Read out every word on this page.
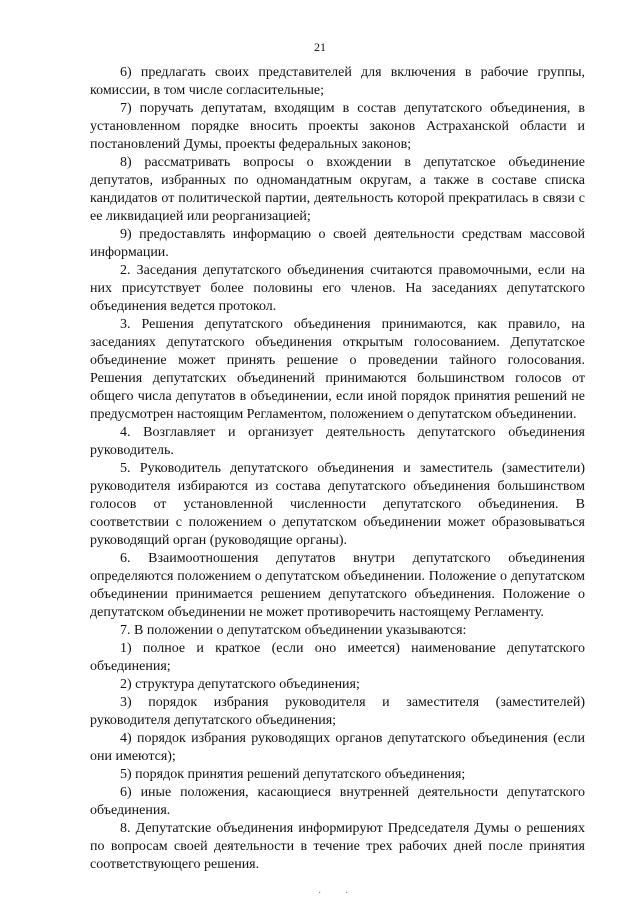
21

6) предлагать своих представителей для включения в рабочие группы, комиссии, в том числе согласительные;

7) поручать депутатам, входящим в состав депутатского объединения, в установленном порядке вносить проекты законов Астраханской области и постановлений Думы, проекты федеральных законов;

8) рассматривать вопросы о вхождении в депутатское объединение депутатов, избранных по одномандатным округам, а также в составе списка кандидатов от политической партии, деятельность которой прекратилась в связи с ее ликвидацией или реорганизацией;

9) предоставлять информацию о своей деятельности средствам массовой информации.

2. Заседания депутатского объединения считаются правомочными, если на них присутствует более половины его членов. На заседаниях депутатского объединения ведется протокол.

3. Решения депутатского объединения принимаются, как правило, на заседаниях депутатского объединения открытым голосованием. Депутатское объединение может принять решение о проведении тайного голосования. Решения депутатских объединений принимаются большинством голосов от общего числа депутатов в объединении, если иной порядок принятия решений не предусмотрен настоящим Регламентом, положением о депутатском объединении.

4. Возглавляет и организует деятельность депутатского объединения руководитель.

5. Руководитель депутатского объединения и заместитель (заместители) руководителя избираются из состава депутатского объединения большинством голосов от установленной численности депутатского объединения. В соответствии с положением о депутатском объединении может образовываться руководящий орган (руководящие органы).

6. Взаимоотношения депутатов внутри депутатского объединения определяются положением о депутатском объединении. Положение о депутатском объединении принимается решением депутатского объединения. Положение о депутатском объединении не может противоречить настоящему Регламенту.

7. В положении о депутатском объединении указываются:

1) полное и краткое (если оно имеется) наименование депутатского объединения;

2) структура депутатского объединения;

3) порядок избрания руководителя и заместителя (заместителей) руководителя депутатского объединения;

4) порядок избрания руководящих органов депутатского объединения (если они имеются);

5) порядок принятия решений депутатского объединения;

6) иные положения, касающиеся внутренней деятельности депутатского объединения.

8. Депутатские объединения информируют Председателя Думы о решениях по вопросам своей деятельности в течение трех рабочих дней после принятия соответствующего решения.

· ·
